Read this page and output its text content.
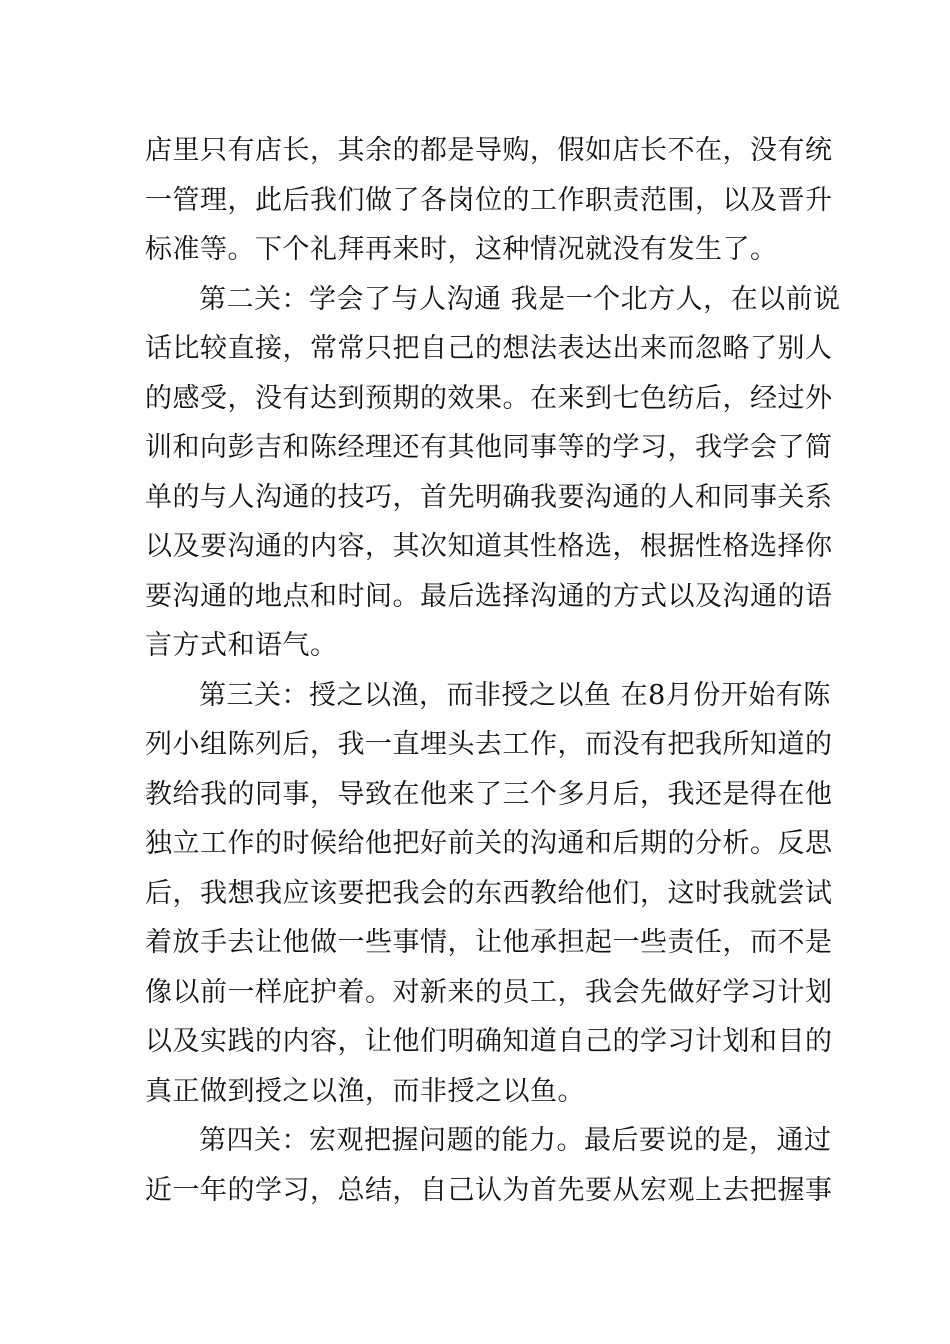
店里只有店长，其余的都是导购，假如店长不在，没有统
一管理，此后我们做了各岗位的工作职责范围，以及晋升
标准等。下个礼拜再来时，这种情况就没有发生了。
第二关：学会了与人沟通 我是一个北方人，在以前说
话比较直接，常常只把自己的想法表达出来而忽略了别人
的感受，没有达到预期的效果。在来到七色纺后，经过外
训和向彭吉和陈经理还有其他同事等的学习，我学会了简
单的与人沟通的技巧，首先明确我要沟通的人和同事关系
以及要沟通的内容，其次知道其性格选，根据性格选择你
要沟通的地点和时间。最后选择沟通的方式以及沟通的语
言方式和语气。
第三关：授之以渔，而非授之以鱼 在8月份开始有陈
列小组陈列后，我一直埋头去工作，而没有把我所知道的
教给我的同事，导致在他来了三个多月后，我还是得在他
独立工作的时候给他把好前关的沟通和后期的分析。反思
后，我想我应该要把我会的东西教给他们，这时我就尝试
着放手去让他做一些事情，让他承担起一些责任，而不是
像以前一样庇护着。对新来的员工，我会先做好学习计划
以及实践的内容，让他们明确知道自己的学习计划和目的
真正做到授之以渔，而非授之以鱼。
第四关：宏观把握问题的能力。最后要说的是，通过
近一年的学习，总结，自己认为首先要从宏观上去把握事
